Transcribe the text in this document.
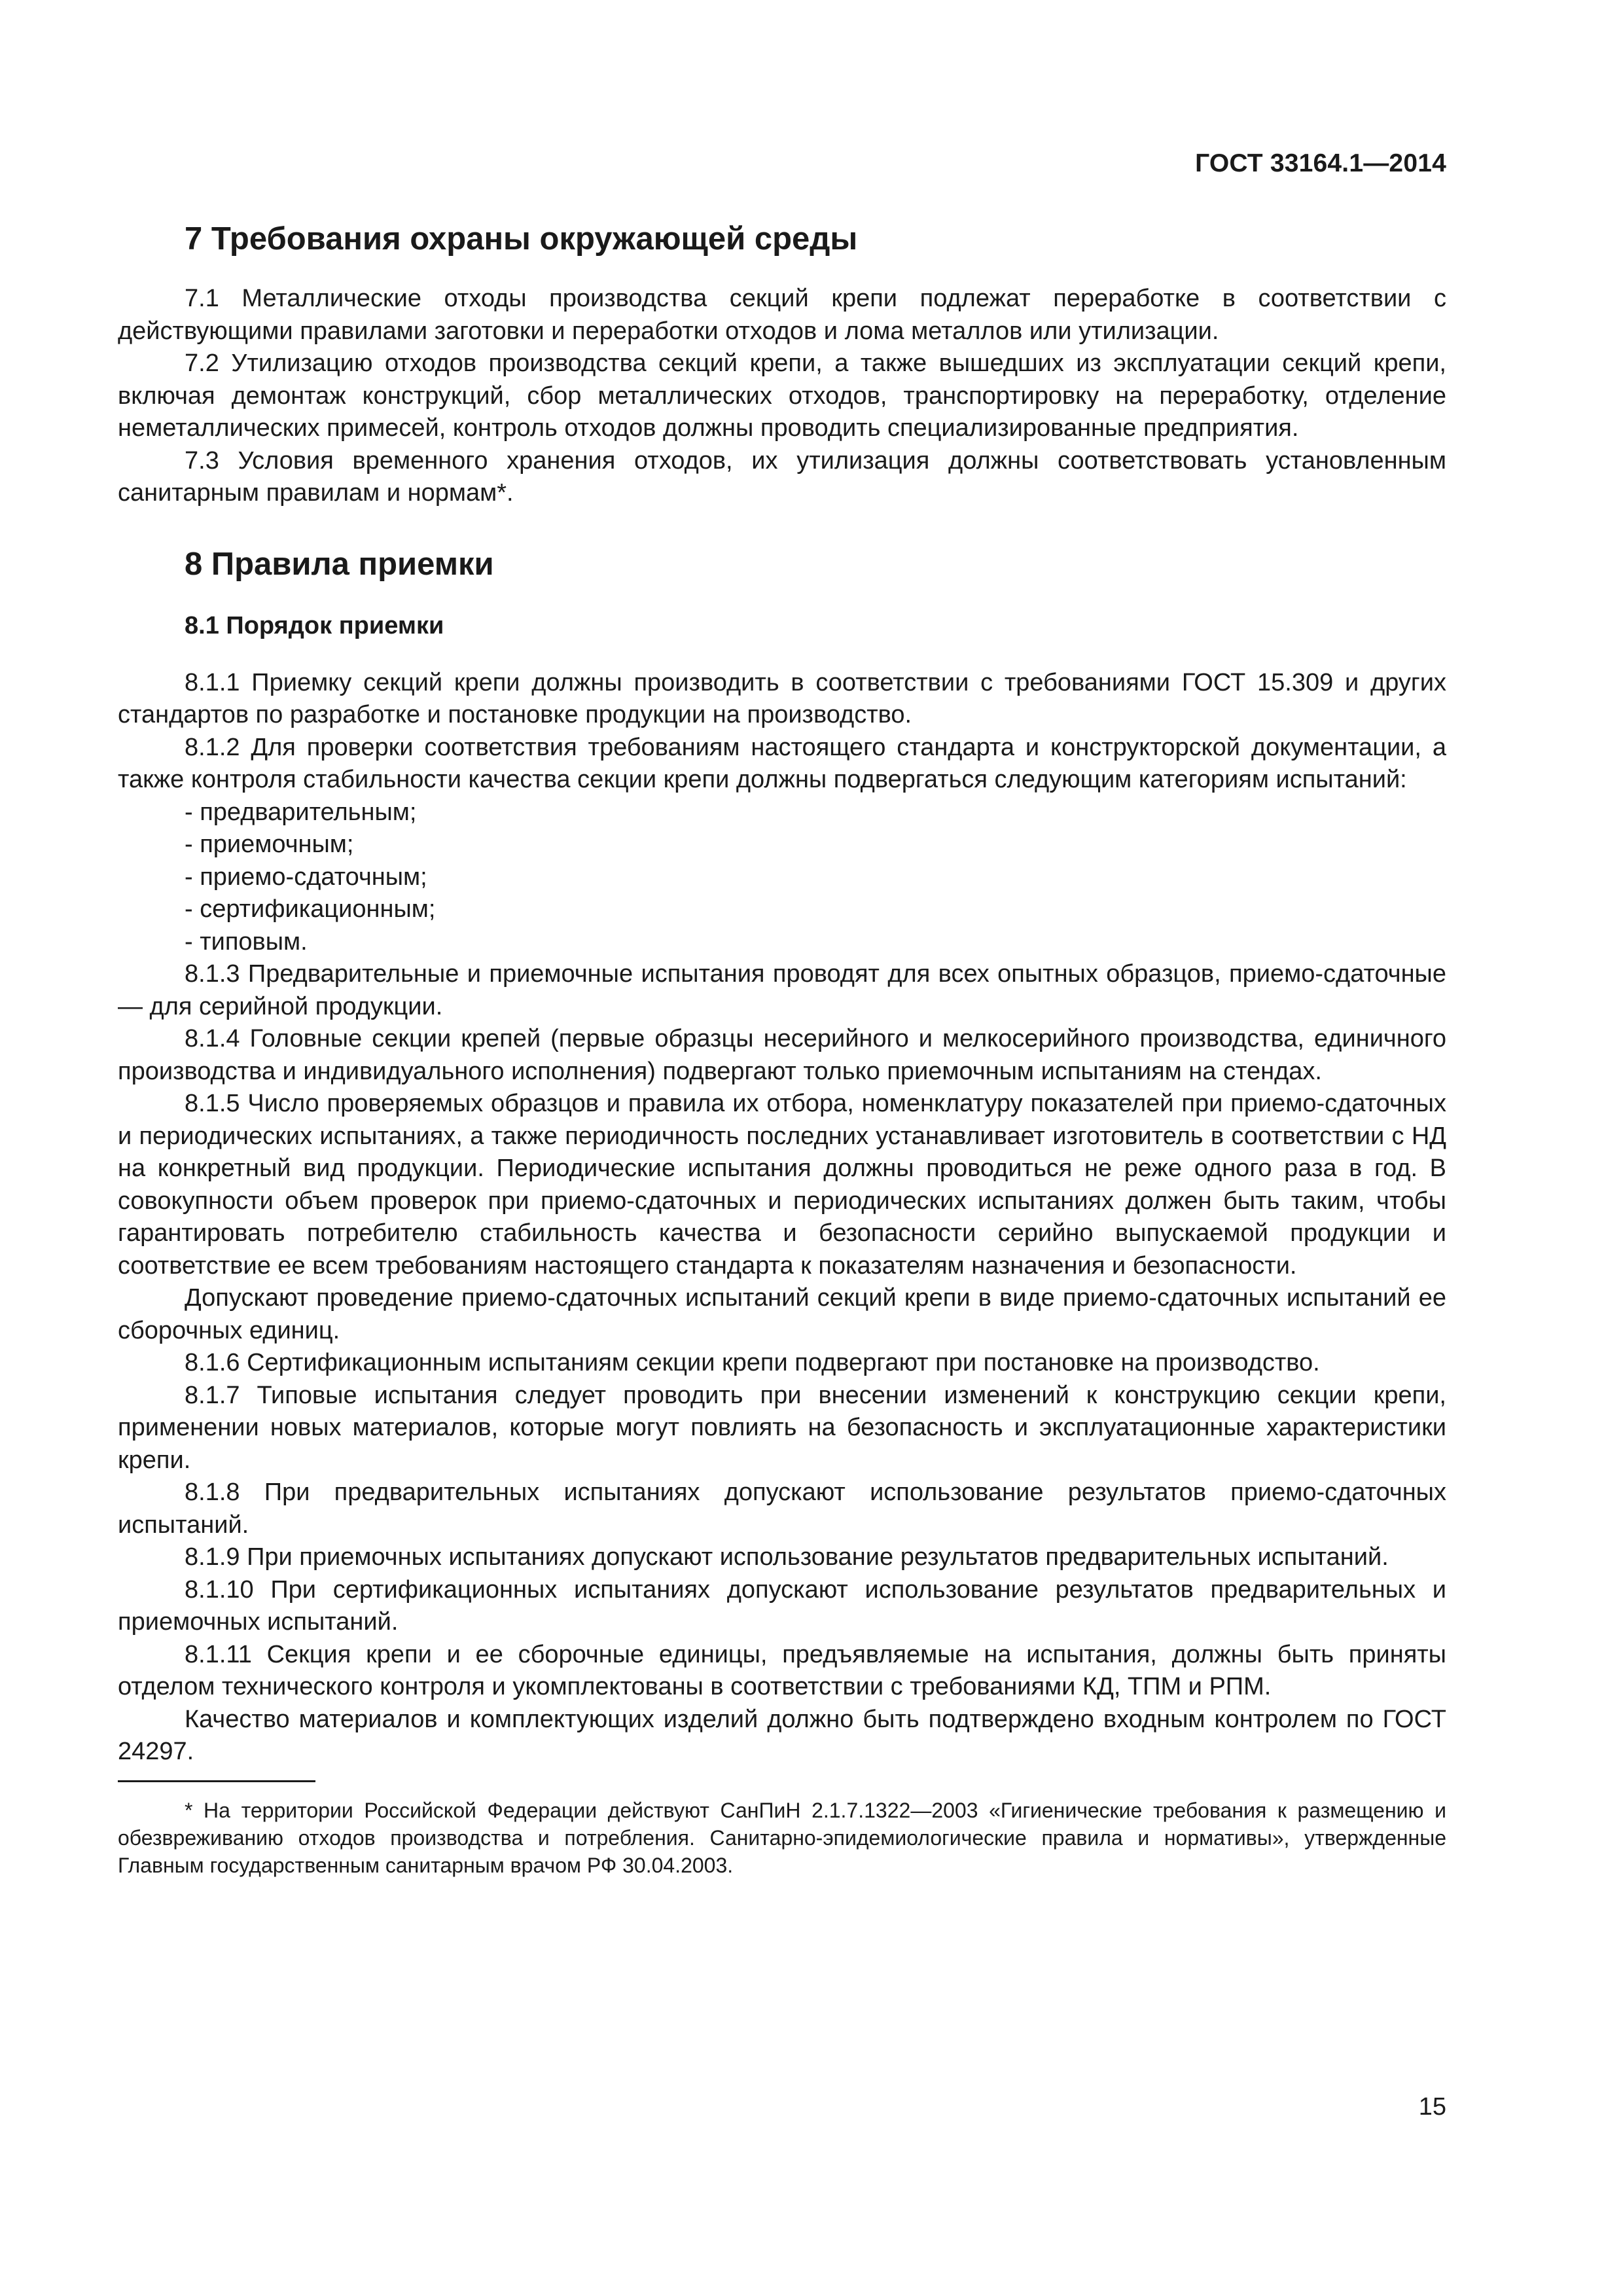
ГОСТ 33164.1—2014
7 Требования охраны окружающей среды

7.1 Металлические отходы производства секций крепи подлежат переработке в соответствии с действующими правилами заготовки и переработки отходов и лома металлов или утилизации.

7.2 Утилизацию отходов производства секций крепи, а также вышедших из эксплуатации секций крепи, включая демонтаж конструкций, сбор металлических отходов, транспортировку на переработку, отделение неметаллических примесей, контроль отходов должны проводить специализированные предприятия.

7.3 Условия временного хранения отходов, их утилизация должны соответствовать установленным санитарным правилам и нормам*.

8 Правила приемки
8.1 Порядок приемки

8.1.1 Приемку секций крепи должны производить в соответствии с требованиями ГОСТ 15.309 и других стандартов по разработке и постановке продукции на производство.

8.1.2 Для проверки соответствия требованиям настоящего стандарта и конструкторской документации, а также контроля стабильности качества секции крепи должны подвергаться следующим категориям испытаний:

- предварительным;

- приемочным;

- приемо-сдаточным;

- сертификационным;

- типовым.

8.1.3 Предварительные и приемочные испытания проводят для всех опытных образцов, приемо-сдаточные — для серийной продукции.

8.1.4 Головные секции крепей (первые образцы несерийного и мелкосерийного производства, единичного производства и индивидуального исполнения) подвергают только приемочным испытаниям на стендах.

8.1.5 Число проверяемых образцов и правила их отбора, номенклатуру показателей при приемо-сдаточных и периодических испытаниях, а также периодичность последних устанавливает изготовитель в соответствии с НД на конкретный вид продукции. Периодические испытания должны проводиться не реже одного раза в год. В совокупности объем проверок при приемо-сдаточных и периодических испытаниях должен быть таким, чтобы гарантировать потребителю стабильность качества и безопасности серийно выпускаемой продукции и соответствие ее всем требованиям настоящего стандарта к показателям назначения и безопасности.

Допускают проведение приемо-сдаточных испытаний секций крепи в виде приемо-сдаточных испытаний ее сборочных единиц.

8.1.6 Сертификационным испытаниям секции крепи подвергают при постановке на производство.

8.1.7 Типовые испытания следует проводить при внесении изменений к конструкцию секции крепи, применении новых материалов, которые могут повлиять на безопасность и эксплуатационные характеристики крепи.

8.1.8 При предварительных испытаниях допускают использование результатов приемо-сдаточных испытаний.

8.1.9 При приемочных испытаниях допускают использование результатов предварительных испытаний.

8.1.10 При сертификационных испытаниях допускают использование результатов предварительных и приемочных испытаний.

8.1.11 Секция крепи и ее сборочные единицы, предъявляемые на испытания, должны быть приняты отделом технического контроля и укомплектованы в соответствии с требованиями КД, ТПМ и РПМ.

Качество материалов и комплектующих изделий должно быть подтверждено входным контролем по ГОСТ 24297.

* На территории Российской Федерации действуют СанПиН 2.1.7.1322—2003 «Гигиенические требования к размещению и обезвреживанию отходов производства и потребления. Санитарно-эпидемиологические правила и нормативы», утвержденные Главным государственным санитарным врачом РФ 30.04.2003.

15
